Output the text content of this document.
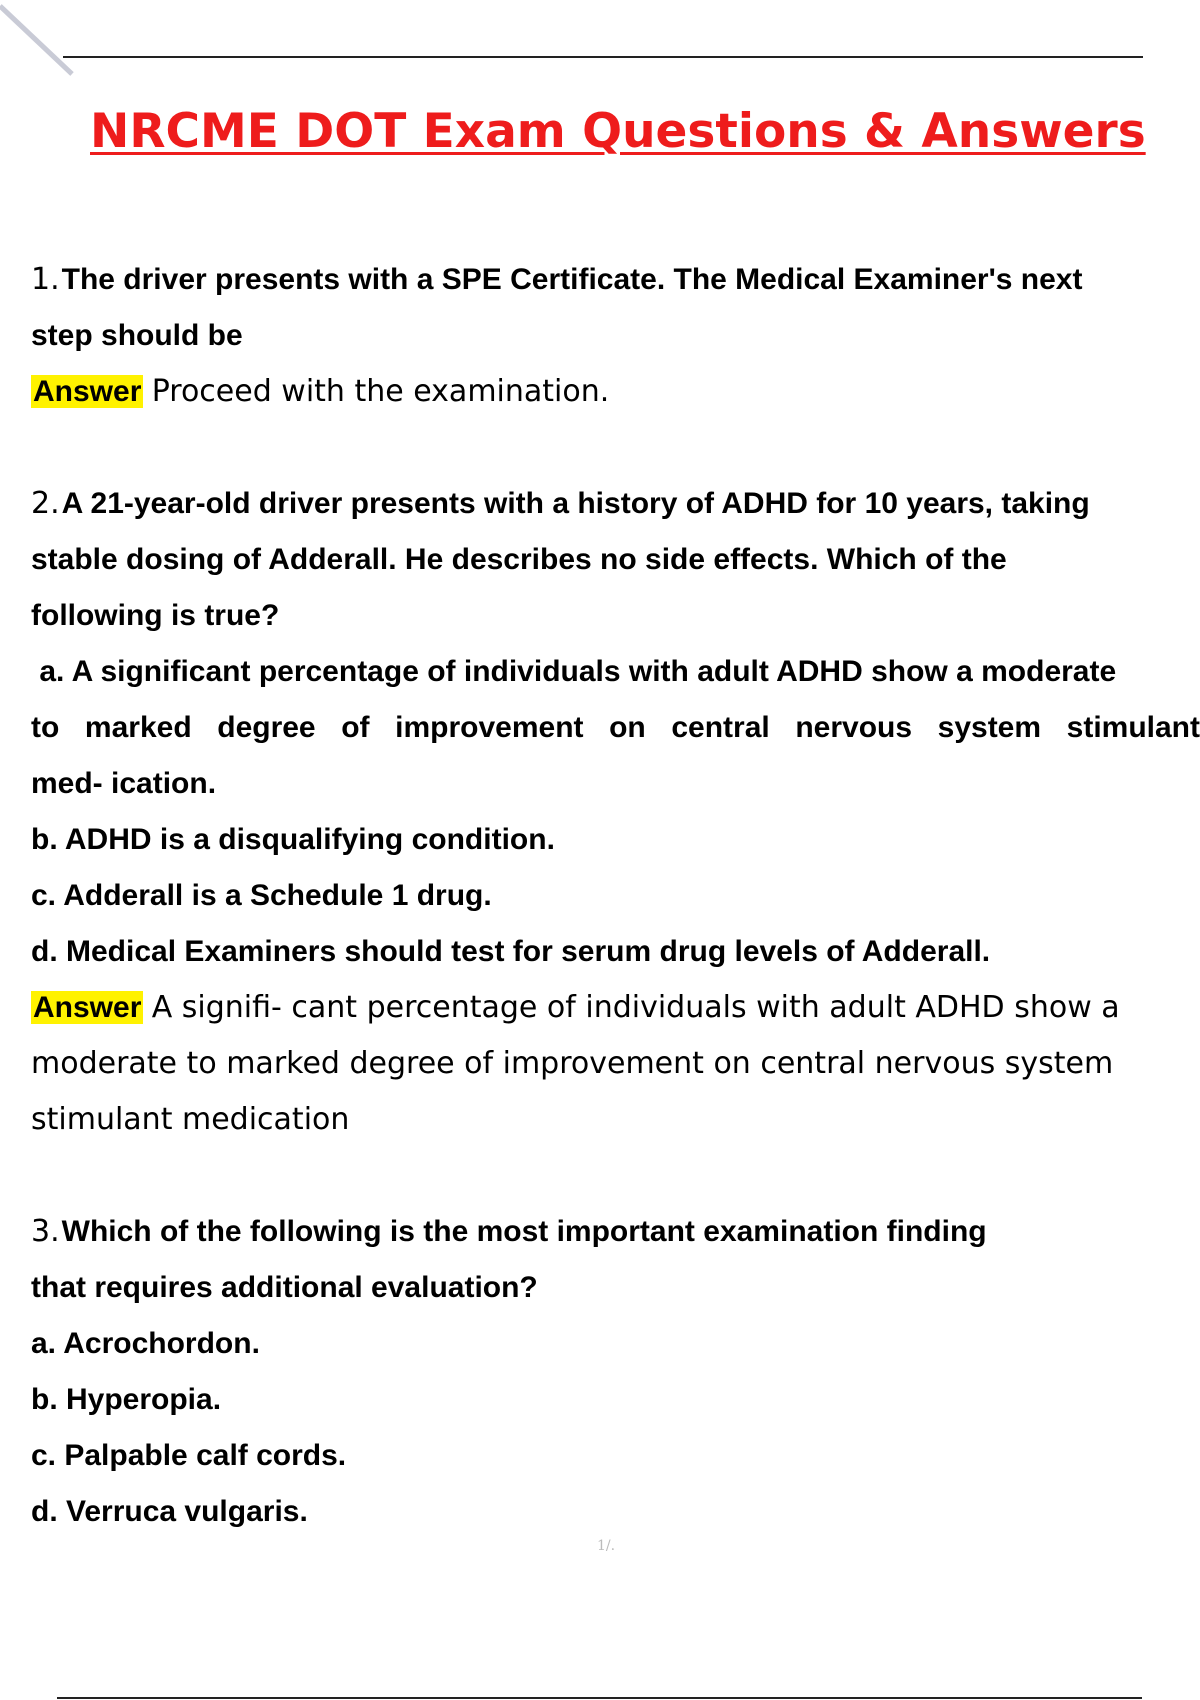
NRCME DOT Exam Questions & Answers
1.The driver presents with a SPE Certificate. The Medical Examiner's next
step should be
Answer Proceed with the examination.
2.A 21-year-old driver presents with a history of ADHD for 10 years, taking
stable dosing of Adderall. He describes no side effects. Which of the
following is true?
a. A significant percentage of individuals with adult ADHD show a moderate
to marked degree of improvement on central nervous system stimulant
med- ication.
b. ADHD is a disqualifying condition.
c. Adderall is a Schedule 1 drug.
d. Medical Examiners should test for serum drug levels of Adderall.
Answer A signifi- cant percentage of individuals with adult ADHD show a
moderate to marked degree of improvement on central nervous system
stimulant medication
3.Which of the following is the most important examination finding
that requires additional evaluation?
a. Acrochordon.
b. Hyperopia.
c. Palpable calf cords.
d. Verruca vulgaris.
1/.
